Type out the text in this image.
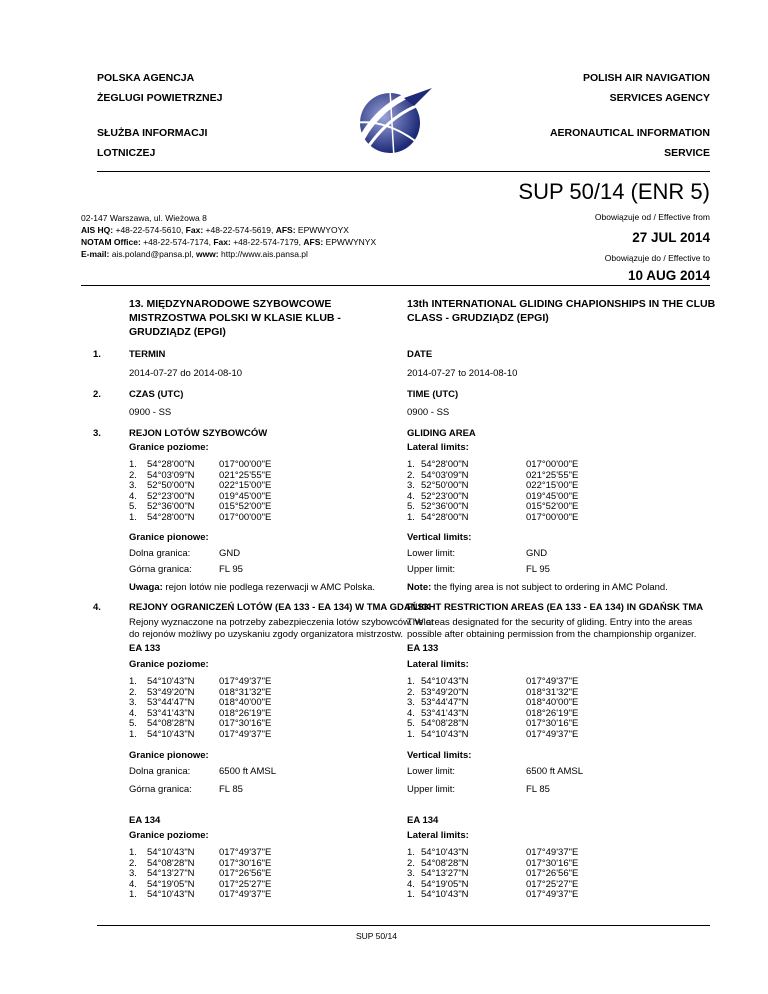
POLSKA AGENCJA
ŻEGLUGI POWIETRZNEJ
SŁUŻBA INFORMACJI
LOTNICZEJ
POLISH AIR NAVIGATION
SERVICES AGENCY
AERONAUTICAL INFORMATION
SERVICE
SUP 50/14 (ENR 5)
02-147 Warszawa, ul. Wieżowa 8
AIS HQ: +48-22-574-5610, Fax: +48-22-574-5619, AFS: EPWWYOYX
NOTAM Office: +48-22-574-7174, Fax: +48-22-574-7179, AFS: EPWWYNYX
E-mail: ais.poland@pansa.pl, www: http://www.ais.pansa.pl
Obowiązuje od / Effective from
27 JUL 2014
Obowiązuje do / Effective to
10 AUG 2014
13. MIĘDZYNARODOWE SZYBOWCOWE MISTRZOSTWA POLSKI W KLASIE KLUB - GRUDZIĄDZ (EPGI)
13th INTERNATIONAL GLIDING CHAPIONSHIPS IN THE CLUB CLASS - GRUDZIĄDZ (EPGI)
1.	TERMIN	DATE
2014-07-27 do 2014-08-10	2014-07-27 to 2014-08-10
2.	CZAS (UTC)	TIME (UTC)
0900 - SS	0900 - SS
3.	REJON LOTÓW SZYBOWCÓW	GLIDING AREA
Granice poziome:	Lateral limits:
1. 54°28'00"N	017°00'00"E	1. 54°28'00"N	017°00'00"E
2. 54°03'09"N	021°25'55"E	2. 54°03'09"N	021°25'55"E
3. 52°50'00"N	022°15'00"E	3. 52°50'00"N	022°15'00"E
4. 52°23'00"N	019°45'00"E	4. 52°23'00"N	019°45'00"E
5. 52°36'00"N	015°52'00"E	5. 52°36'00"N	015°52'00"E
1. 54°28'00"N	017°00'00"E	1. 54°28'00"N	017°00'00"E
Granice pionowe:	Vertical limits:
Dolna granica:	GND	Lower limit:	GND
Górna granica:	FL 95	Upper limit:	FL 95
Uwaga: rejon lotów nie podlega rezerwacji w AMC Polska.	Note: the flying area is not subject to ordering in AMC Poland.
4.	REJONY OGRANICZEŃ LOTÓW (EA 133 - EA 134) W TMA GDAŃSK
FLIGHT RESTRICTION AREAS (EA 133 - EA 134) IN GDAŃSK TMA
Rejony wyznaczone na potrzeby zabezpieczenia lotów szybowców. Wlot
do rejonów możliwy po uzyskaniu zgody organizatora mistrzostw.
The areas designated for the security of gliding. Entry into the areas
possible after obtaining permission from the championship organizer.
EA 133	EA 133
Granice poziome:	Lateral limits:
1. 54°10'43"N	017°49'37"E	1. 54°10'43"N	017°49'37"E
2. 53°49'20"N	018°31'32"E	2. 53°49'20"N	018°31'32"E
3. 53°44'47"N	018°40'00"E	3. 53°44'47"N	018°40'00"E
4. 53°41'43"N	018°26'19"E	4. 53°41'43"N	018°26'19"E
5. 54°08'28"N	017°30'16"E	5. 54°08'28"N	017°30'16"E
1. 54°10'43"N	017°49'37"E	1. 54°10'43"N	017°49'37"E
Granice pionowe:	Vertical limits:
Dolna granica:	6500 ft AMSL	Lower limit:	6500 ft AMSL
Górna granica:	FL 85	Upper limit:	FL 85
EA 134	EA 134
Granice poziome:	Lateral limits:
1. 54°10'43"N	017°49'37"E	1. 54°10'43"N	017°49'37"E
2. 54°08'28"N	017°30'16"E	2. 54°08'28"N	017°30'16"E
3. 54°13'27"N	017°26'56"E	3. 54°13'27"N	017°26'56"E
4. 54°19'05"N	017°25'27"E	4. 54°19'05"N	017°25'27"E
1. 54°10'43"N	017°49'37"E	1. 54°10'43"N	017°49'37"E
SUP 50/14
